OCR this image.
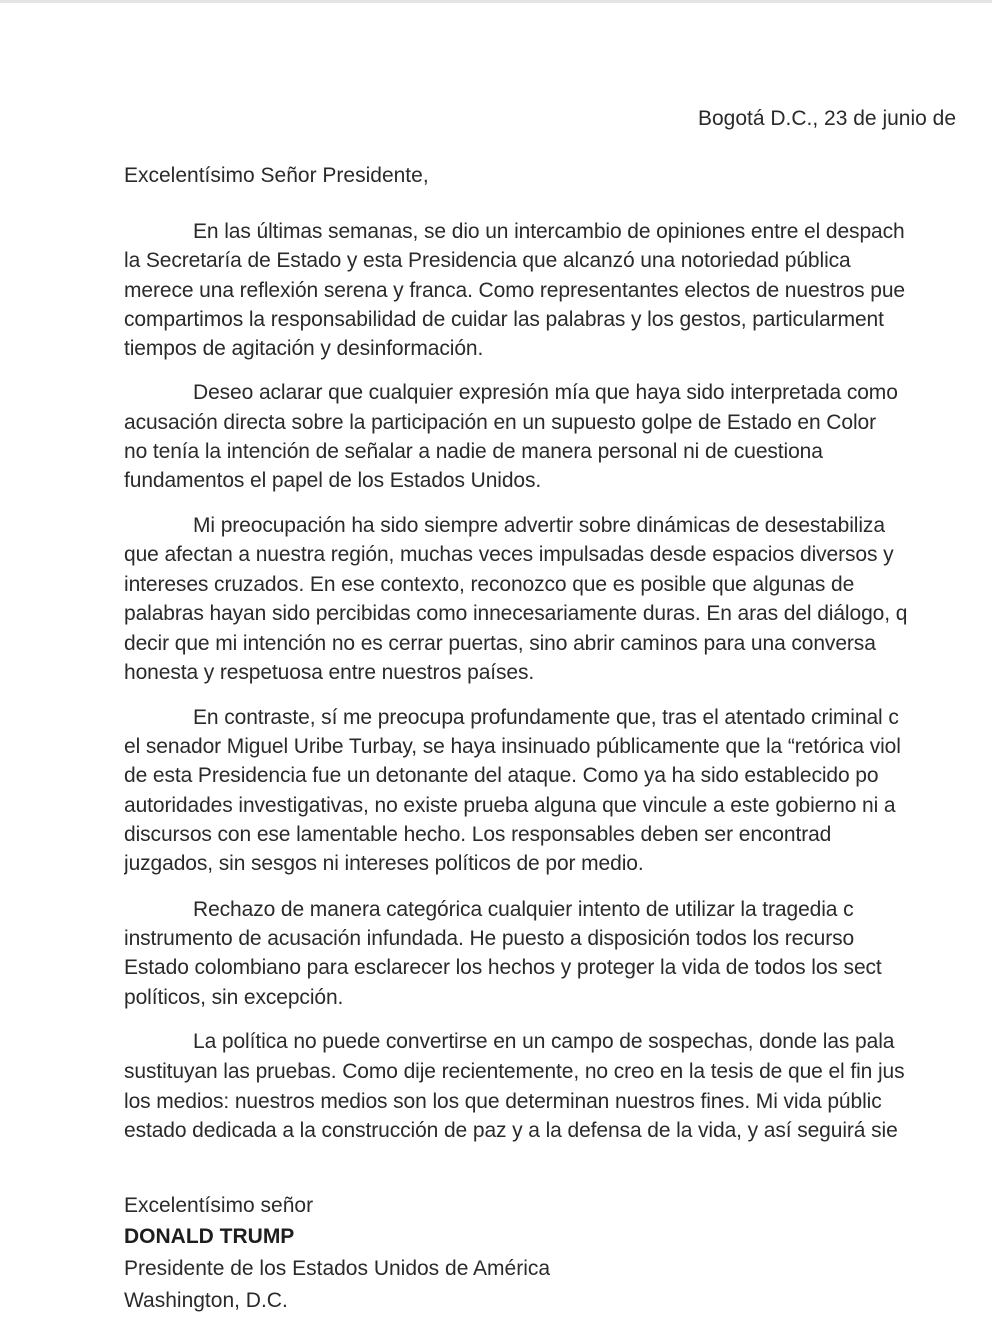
Bogotá D.C., 23 de junio de
Excelentísimo Señor Presidente,
En las últimas semanas, se dio un intercambio de opiniones entre el despach
la Secretaría de Estado y esta Presidencia que alcanzó una notoriedad pública
merece una reflexión serena y franca. Como representantes electos de nuestros pue
compartimos la responsabilidad de cuidar las palabras y los gestos, particularment
tiempos de agitación y desinformación.
Deseo aclarar que cualquier expresión mía que haya sido interpretada como
acusación directa sobre la participación en un supuesto golpe de Estado en Color
no tenía la intención de señalar a nadie de manera personal ni de cuestiona
fundamentos el papel de los Estados Unidos.
Mi preocupación ha sido siempre advertir sobre dinámicas de desestabiliza
que afectan a nuestra región, muchas veces impulsadas desde espacios diversos y
intereses cruzados. En ese contexto, reconozco que es posible que algunas de
palabras hayan sido percibidas como innecesariamente duras. En aras del diálogo, q
decir que mi intención no es cerrar puertas, sino abrir caminos para una conversa
honesta y respetuosa entre nuestros países.
En contraste, sí me preocupa profundamente que, tras el atentado criminal c
el senador Miguel Uribe Turbay, se haya insinuado públicamente que la “retórica viol
de esta Presidencia fue un detonante del ataque. Como ya ha sido establecido po
autoridades investigativas, no existe prueba alguna que vincule a este gobierno ni a
discursos con ese lamentable hecho. Los responsables deben ser encontrad
juzgados, sin sesgos ni intereses políticos de por medio.
Rechazo de manera categórica cualquier intento de utilizar la tragedia c
instrumento de acusación infundada. He puesto a disposición todos los recurso
Estado colombiano para esclarecer los hechos y proteger la vida de todos los sect
políticos, sin excepción.
La política no puede convertirse en un campo de sospechas, donde las pala
sustituyan las pruebas. Como dije recientemente, no creo en la tesis de que el fin jus
los medios: nuestros medios son los que determinan nuestros fines. Mi vida públic
estado dedicada a la construcción de paz y a la defensa de la vida, y así seguirá sie
Excelentísimo señor
DONALD TRUMP
Presidente de los Estados Unidos de América
Washington, D.C.
